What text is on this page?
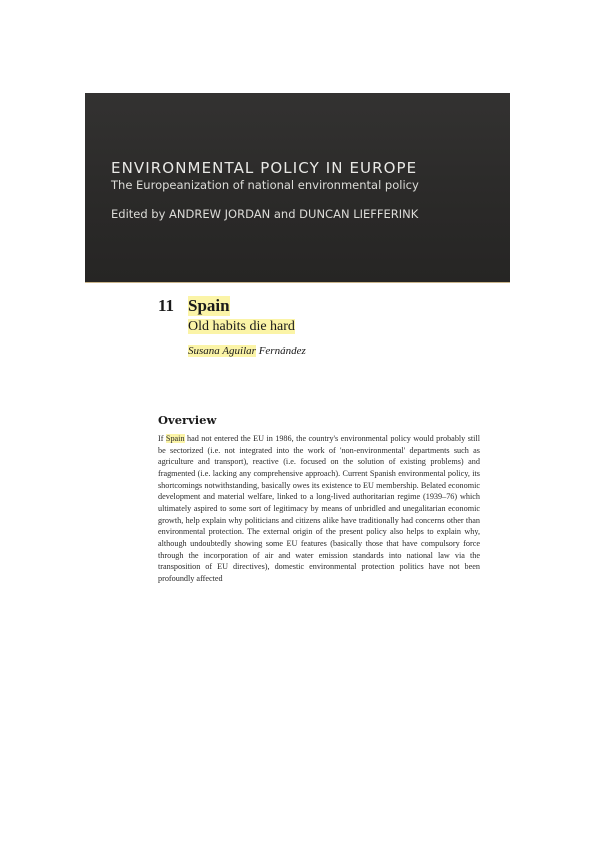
ENVIRONMENTAL POLICY IN EUROPE
The Europeanization of national environmental policy
Edited by ANDREW JORDAN and DUNCAN LIEFFERINK
11 Spain
Old habits die hard
Susana Aguilar Fernández
Overview

If Spain had not entered the EU in 1986, the country's environmental policy would probably still be sectorized (i.e. not integrated into the work of 'non-environmental' departments such as agriculture and transport), reactive (i.e. focused on the solution of existing problems) and fragmented (i.e. lacking any comprehensive approach). Current Spanish environmental policy, its shortcomings notwithstanding, basically owes its existence to EU membership. Belated economic development and material welfare, linked to a long-lived authoritarian regime (1939–76) which ultimately aspired to some sort of legitimacy by means of unbridled and unegalitarian economic growth, help explain why politicians and citizens alike have traditionally had concerns other than environmental protection. The external origin of the present policy also helps to explain why, although undoubtedly showing some EU features (basically those that have compulsory force through the incorporation of air and water emission standards into national law via the transposition of EU directives), domestic environmental protection politics have not been profoundly affected
